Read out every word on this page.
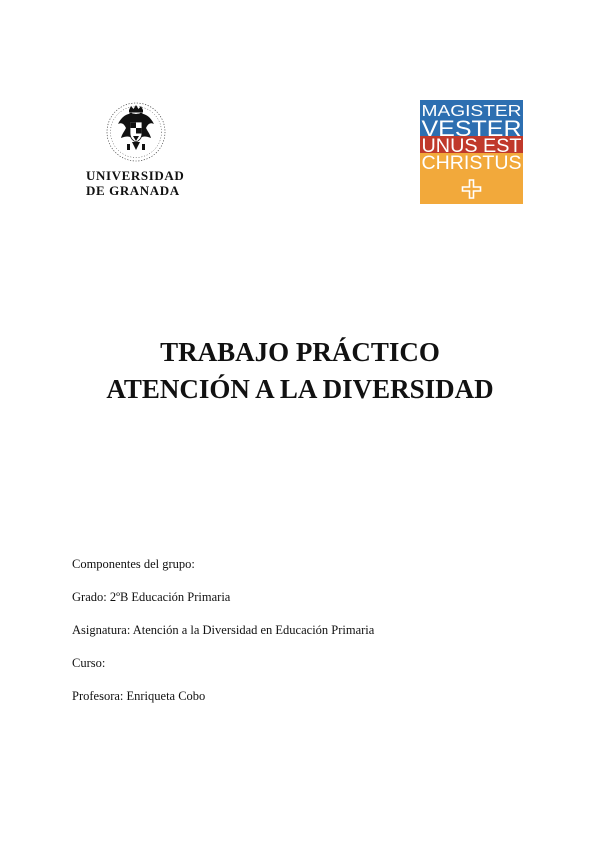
UNIVERSIDAD
DE GRANADA
MAGISTER
VESTER
UNUS EST
CHRISTUS
TRABAJO PRÁCTICO
ATENCIÓN A LA DIVERSIDAD
Componentes del grupo:
Grado: 2ºB Educación Primaria
Asignatura: Atención a la Diversidad en Educación Primaria
Curso:
Profesora: Enriqueta Cobo
